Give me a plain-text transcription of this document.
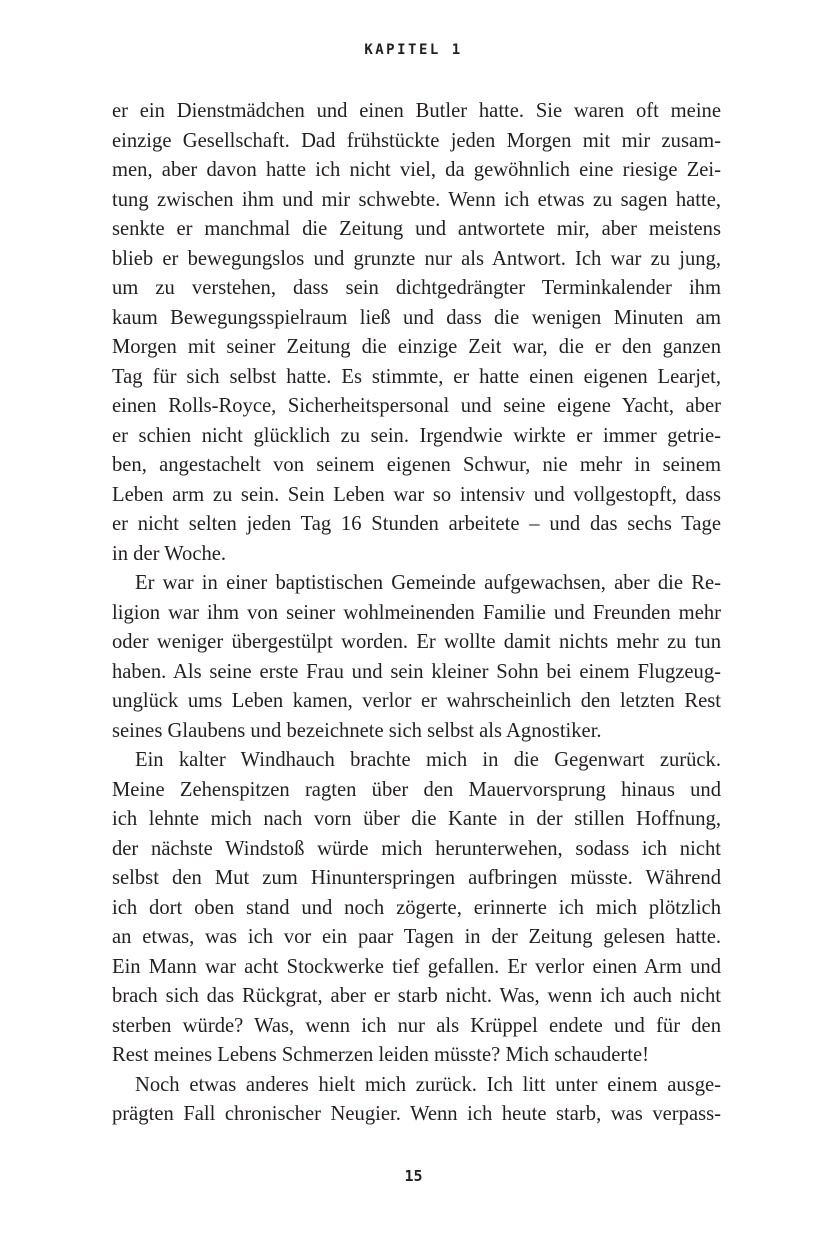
KAPITEL 1
er ein Dienstmädchen und einen Butler hatte. Sie waren oft meine
einzige Gesellschaft. Dad frühstückte jeden Morgen mit mir zusam-
men, aber davon hatte ich nicht viel, da gewöhnlich eine riesige Zei-
tung zwischen ihm und mir schwebte. Wenn ich etwas zu sagen hatte,
senkte er manchmal die Zeitung und antwortete mir, aber meistens
blieb er bewegungslos und grunzte nur als Antwort. Ich war zu jung,
um zu verstehen, dass sein dichtgedrängter Terminkalender ihm
kaum Bewegungsspielraum ließ und dass die wenigen Minuten am
Morgen mit seiner Zeitung die einzige Zeit war, die er den ganzen
Tag für sich selbst hatte. Es stimmte, er hatte einen eigenen Learjet,
einen Rolls-Royce, Sicherheitspersonal und seine eigene Yacht, aber
er schien nicht glücklich zu sein. Irgendwie wirkte er immer getrie-
ben, angestachelt von seinem eigenen Schwur, nie mehr in seinem
Leben arm zu sein. Sein Leben war so intensiv und vollgestopft, dass
er nicht selten jeden Tag 16 Stunden arbeitete – und das sechs Tage
in der Woche.
Er war in einer baptistischen Gemeinde aufgewachsen, aber die Re-
ligion war ihm von seiner wohlmeinenden Familie und Freunden mehr
oder weniger übergestülpt worden. Er wollte damit nichts mehr zu tun
haben. Als seine erste Frau und sein kleiner Sohn bei einem Flugzeug-
unglück ums Leben kamen, verlor er wahrscheinlich den letzten Rest
seines Glaubens und bezeichnete sich selbst als Agnostiker.
Ein kalter Windhauch brachte mich in die Gegenwart zurück.
Meine Zehenspitzen ragten über den Mauervorsprung hinaus und
ich lehnte mich nach vorn über die Kante in der stillen Hoffnung,
der nächste Windstoß würde mich herunterwehen, sodass ich nicht
selbst den Mut zum Hinunterspringen aufbringen müsste. Während
ich dort oben stand und noch zögerte, erinnerte ich mich plötzlich
an etwas, was ich vor ein paar Tagen in der Zeitung gelesen hatte.
Ein Mann war acht Stockwerke tief gefallen. Er verlor einen Arm und
brach sich das Rückgrat, aber er starb nicht. Was, wenn ich auch nicht
sterben würde? Was, wenn ich nur als Krüppel endete und für den
Rest meines Lebens Schmerzen leiden müsste? Mich schauderte!
Noch etwas anderes hielt mich zurück. Ich litt unter einem ausge-
prägten Fall chronischer Neugier. Wenn ich heute starb, was verpass-
15
